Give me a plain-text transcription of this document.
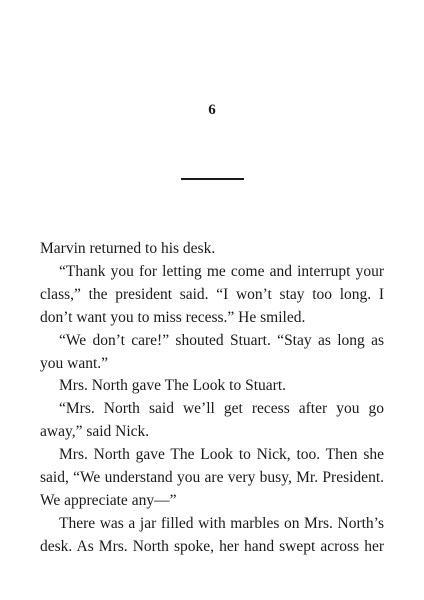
6

Marvin returned to his desk.

“Thank you for letting me come and interrupt your class,” the president said. “I won’t stay too long. I don’t want you to miss recess.” He smiled.

“We don’t care!” shouted Stuart. “Stay as long as you want.”

Mrs. North gave The Look to Stuart.

“Mrs. North said we’ll get recess after you go away,” said Nick.

Mrs. North gave The Look to Nick, too. Then she said, “We understand you are very busy, Mr. President. We appreciate any—”

There was a jar filled with marbles on Mrs. North’s desk. As Mrs. North spoke, her hand swept across her
